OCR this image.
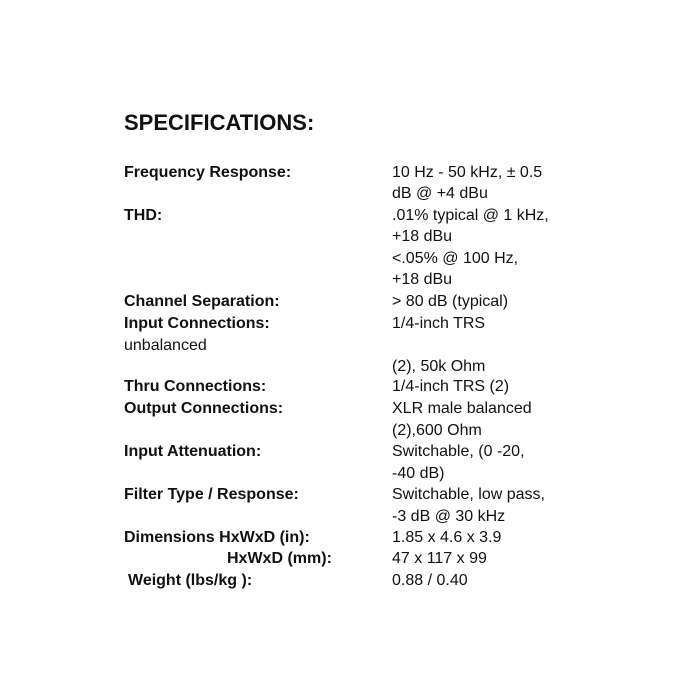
SPECIFICATIONS:
Frequency Response:	10 Hz - 50 kHz, ± 0.5
dB @ +4 dBu
THD:	.01% typical @ 1 kHz,
+18 dBu
<.05% @ 100 Hz,
+18 dBu
Channel Separation:	> 80 dB (typical)
Input Connections:	1/4-inch TRS
unbalanced
(2), 50k Ohm
Thru Connections:	1/4-inch TRS (2)
Output Connections:	XLR male balanced
(2),600 Ohm
Input Attenuation:	Switchable, (0 -20,
-40 dB)
Filter Type / Response:	Switchable, low pass,
-3 dB @ 30 kHz
Dimensions HxWxD (in):	1.85 x 4.6 x 3.9
HxWxD (mm):	47 x 117 x 99
Weight (lbs/kg ):	0.88 / 0.40
